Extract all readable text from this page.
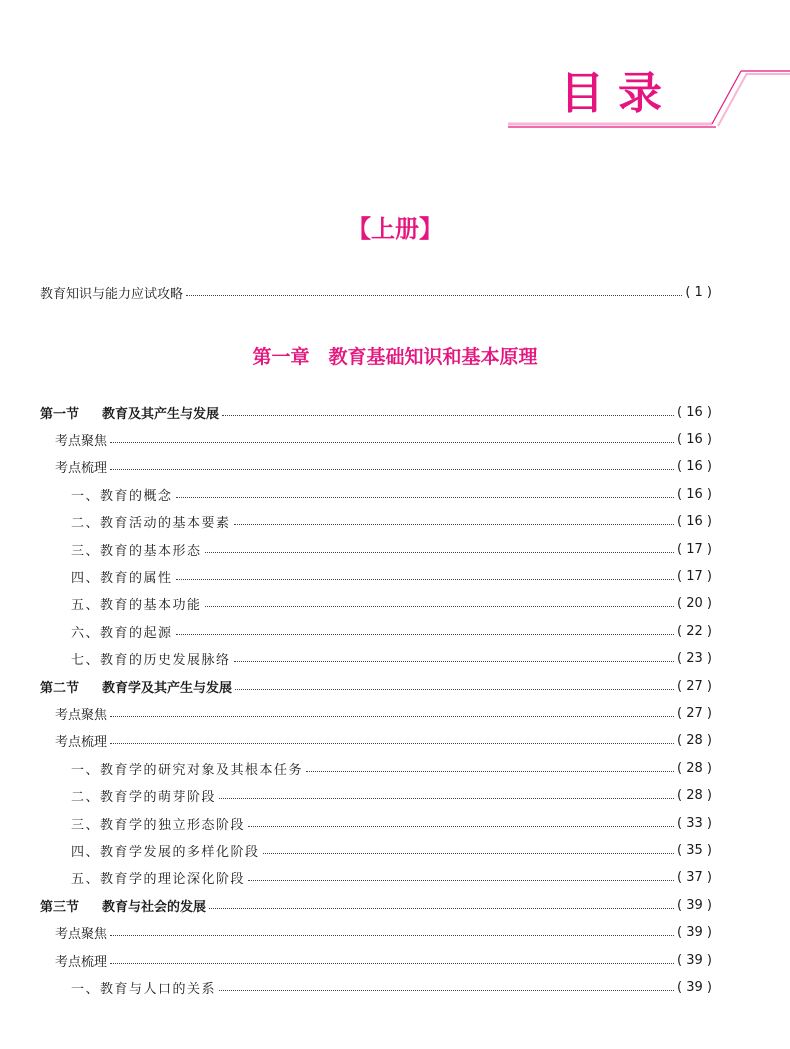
目录
【上册】
教育知识与能力应试攻略	( 1 )
第一章　教育基础知识和基本原理
第一节 教育及其产生与发展	( 16 )
考点聚焦	( 16 )
考点梳理	( 16 )
一、教育的概念	( 16 )
二、教育活动的基本要素	( 16 )
三、教育的基本形态	( 17 )
四、教育的属性	( 17 )
五、教育的基本功能	( 20 )
六、教育的起源	( 22 )
七、教育的历史发展脉络	( 23 )
第二节 教育学及其产生与发展	( 27 )
考点聚焦	( 27 )
考点梳理	( 28 )
一、教育学的研究对象及其根本任务	( 28 )
二、教育学的萌芽阶段	( 28 )
三、教育学的独立形态阶段	( 33 )
四、教育学发展的多样化阶段	( 35 )
五、教育学的理论深化阶段	( 37 )
第三节 教育与社会的发展	( 39 )
考点聚焦	( 39 )
考点梳理	( 39 )
一、教育与人口的关系	( 39 )
